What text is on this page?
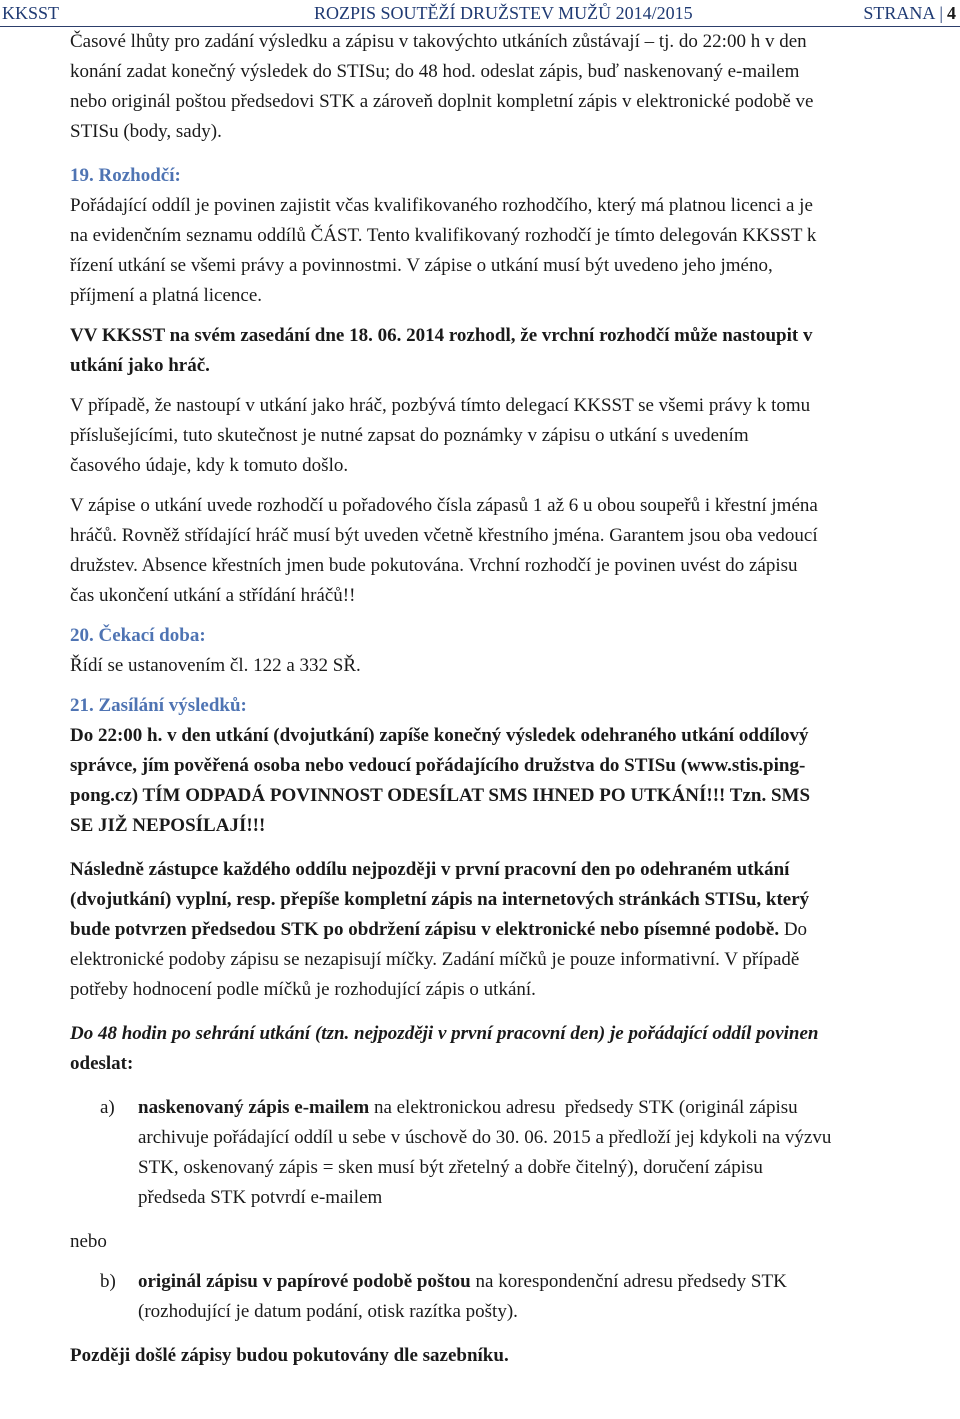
KKSST	ROZPIS SOUTĚŽÍ DRUŽSTEV MUŽŮ 2014/2015	STRANA | 4

Časové lhůty pro zadání výsledku a zápisu v takovýchto utkáních zůstávají – tj. do 22:00 h v den
konání zadat konečný výsledek do STISu; do 48 hod. odeslat zápis, buď naskenovaný e-mailem
nebo originál poštou předsedovi STK a zároveň doplnit kompletní zápis v elektronické podobě ve
STISu (body, sady).

19. Rozhodčí:

Pořádající oddíl je povinen zajistit včas kvalifikovaného rozhodčího, který má platnou licenci a je
na evidenčním seznamu oddílů ČÁST. Tento kvalifikovaný rozhodčí je tímto delegován KKSST k
řízení utkání se všemi právy a povinnostmi. V zápise o utkání musí být uvedeno jeho jméno,
příjmení a platná licence.

VV KKSST na svém zasedání dne 18. 06. 2014 rozhodl, že vrchní rozhodčí může nastoupit v
utkání jako hráč.

V případě, že nastoupí v utkání jako hráč, pozbývá tímto delegací KKSST se všemi právy k tomu
příslušejícími, tuto skutečnost je nutné zapsat do poznámky v zápisu o utkání s uvedením
časového údaje, kdy k tomuto došlo.

V zápise o utkání uvede rozhodčí u pořadového čísla zápasů 1 až 6 u obou soupeřů i křestní jména
hráčů. Rovněž střídající hráč musí být uveden včetně křestního jména. Garantem jsou oba vedoucí
družstev. Absence křestních jmen bude pokutována. Vrchní rozhodčí je povinen uvést do zápisu
čas ukončení utkání a střídání hráčů!!

20. Čekací doba:

Řídí se ustanovením čl. 122 a 332 SŘ.

21. Zasílání výsledků:

Do 22:00 h. v den utkání (dvojutkání) zapíše konečný výsledek odehraného utkání oddílový
správce, jím pověřená osoba nebo vedoucí pořádajícího družstva do STISu (www.stis.ping-
pong.cz) TÍM ODPADÁ POVINNOST ODESÍLAT SMS IHNED PO UTKÁNÍ!!! Tzn. SMS
SE JIŽ NEPOSÍLAJÍ!!!

Následně zástupce každého oddílu nejpozději v první pracovní den po odehraném utkání
(dvojutkání) vyplní, resp. přepíše kompletní zápis na internetových stránkách STISu, který
bude potvrzen předsedou STK po obdržení zápisu v elektronické nebo písemné podobě. Do
elektronické podoby zápisu se nezapisují míčky. Zadání míčků je pouze informativní. V případě
potřeby hodnocení podle míčků je rozhodující zápis o utkání.

Do 48 hodin po sehrání utkání (tzn. nejpozději v první pracovní den) je pořádající oddíl povinen
odeslat:

a) naskenovaný zápis e-mailem na elektronickou adresu  předsedy STK (originál zápisu
archivuje pořádající oddíl u sebe v úschově do 30. 06. 2015 a předloží jej kdykoli na výzvu
STK, oskenovaný zápis = sken musí být zřetelný a dobře čitelný), doručení zápisu
předseda STK potvrdí e-mailem

nebo

b) originál zápisu v papírové podobě poštou na korespondenční adresu předsedy STK
(rozhodující je datum podání, otisk razítka pošty).

Později došlé zápisy budou pokutovány dle sazebníku.
